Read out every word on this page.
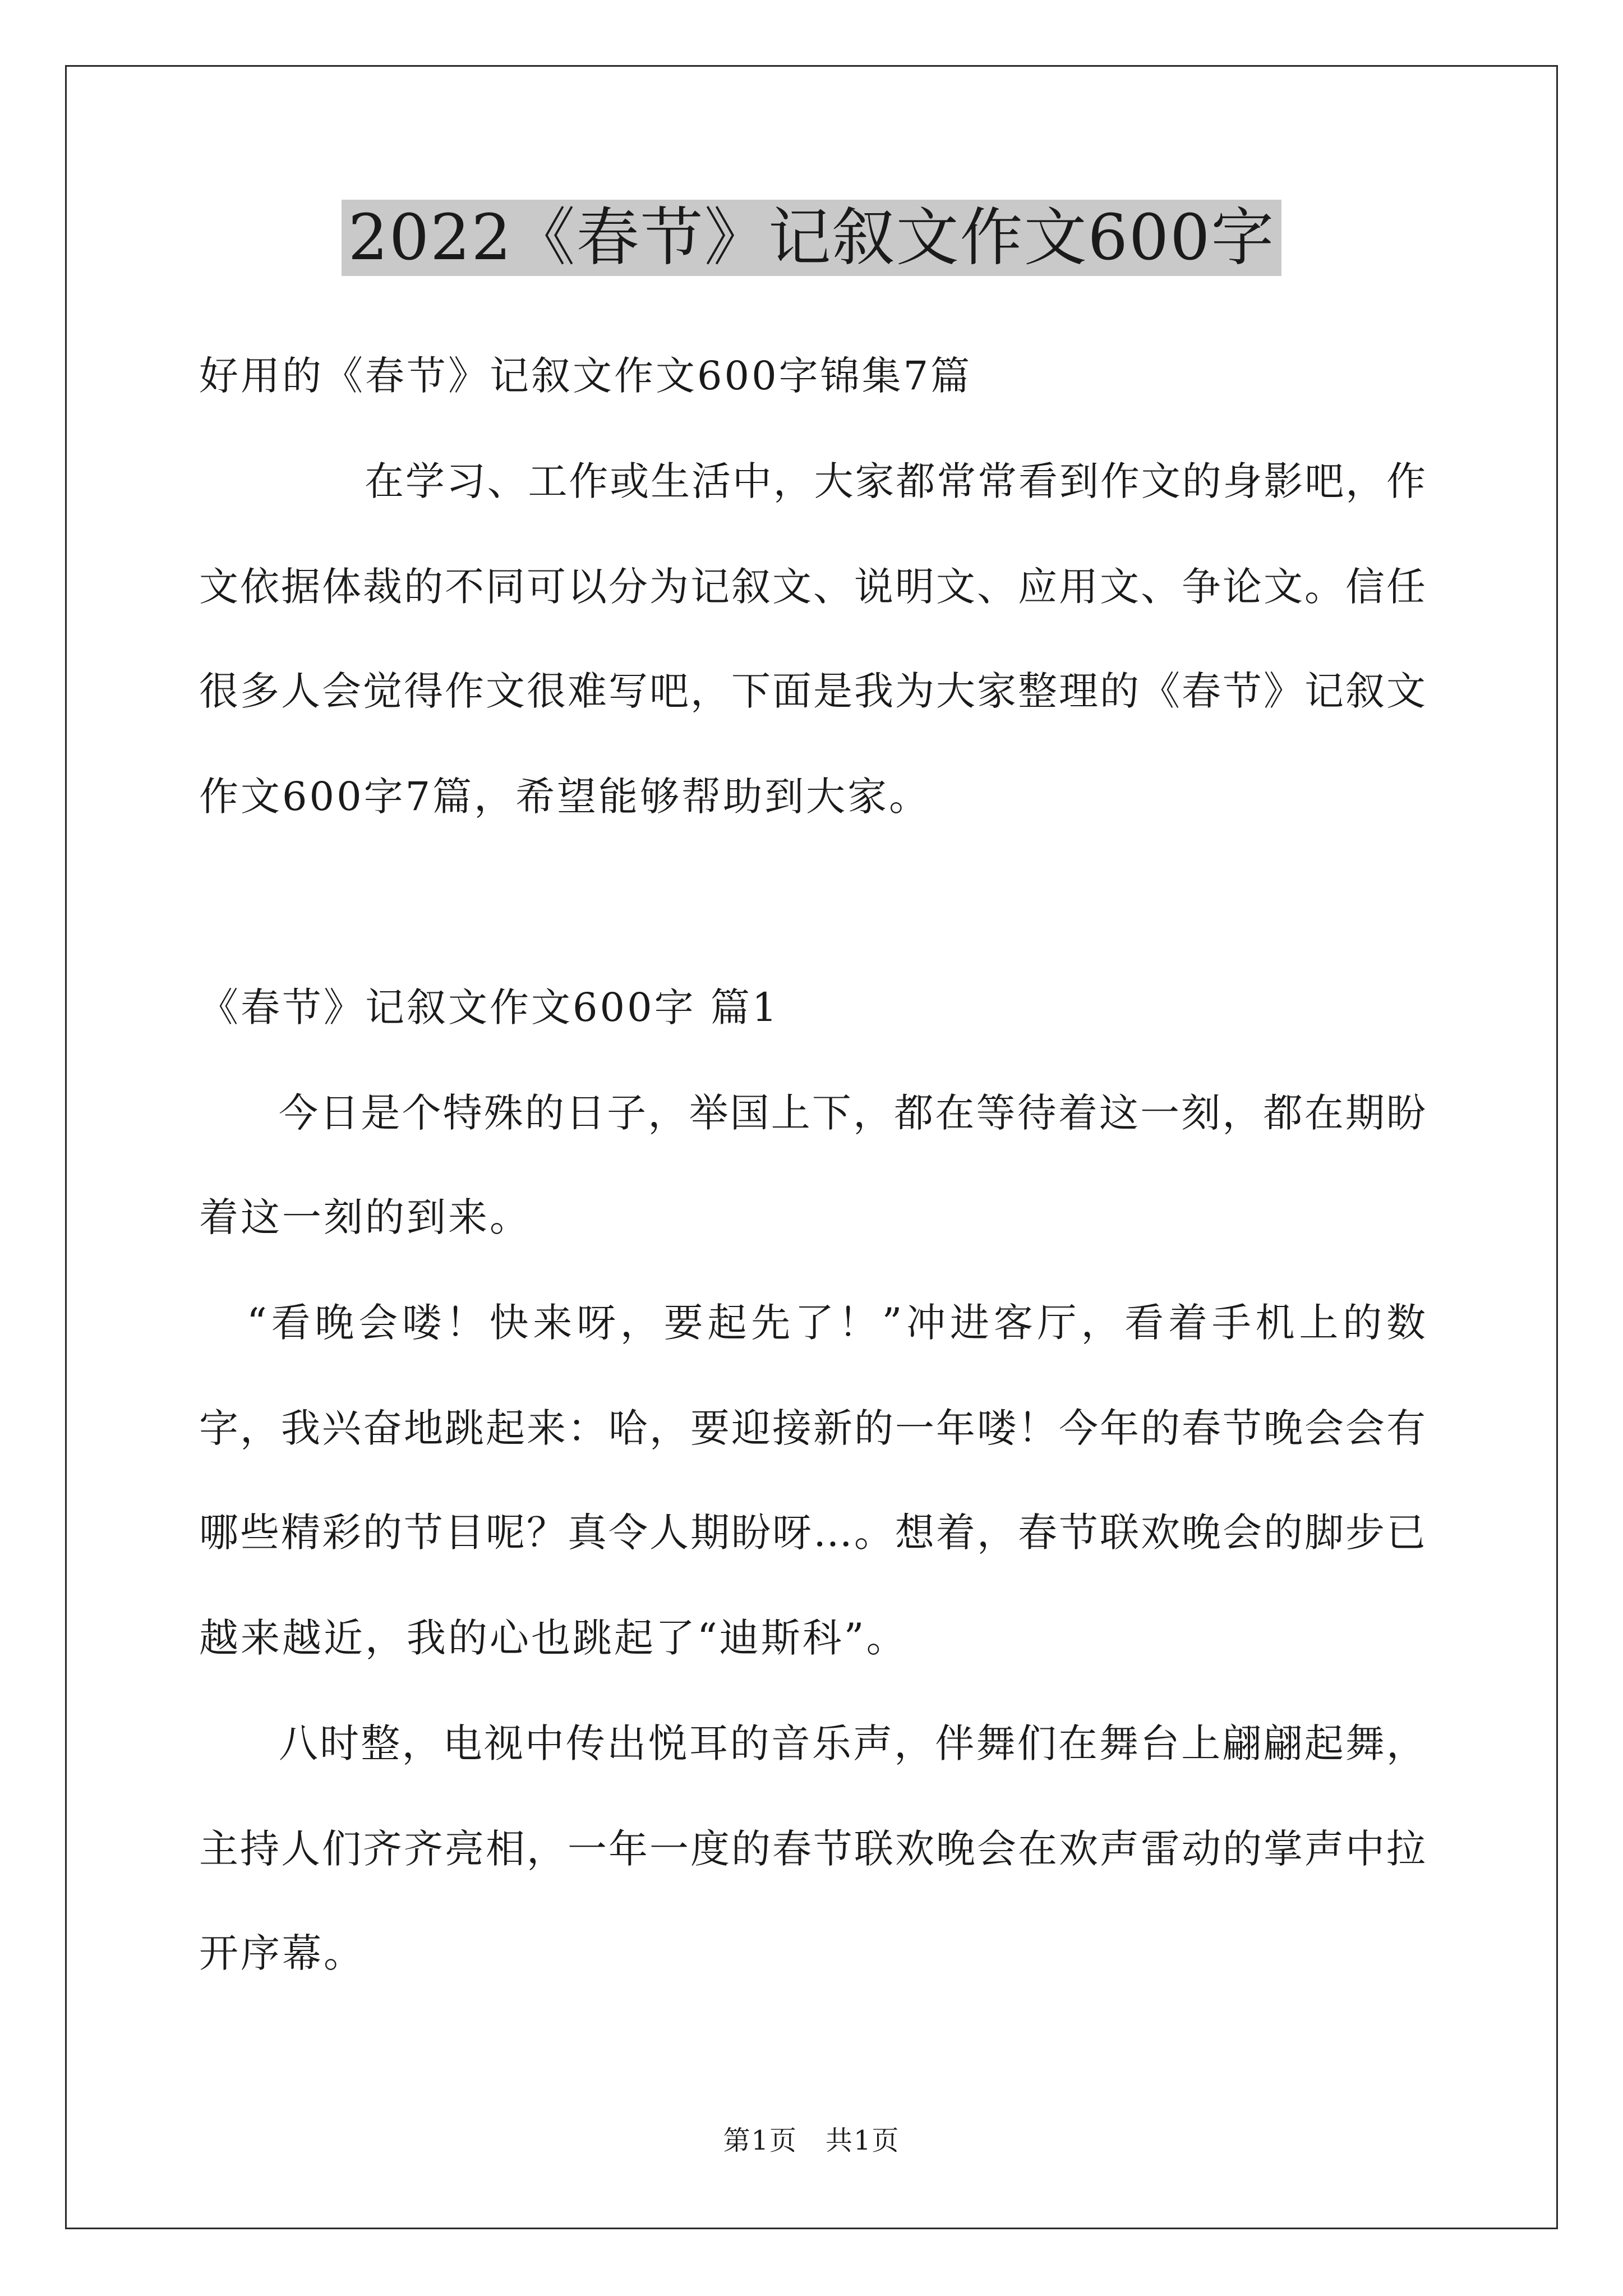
2022《春节》记叙文作文600字
好用的《春节》记叙文作文600字锦集7篇
在学习、工作或生活中，大家都常常看到作文的身影吧，作
文依据体裁的不同可以分为记叙文、说明文、应用文、争论文。信任
很多人会觉得作文很难写吧，下面是我为大家整理的《春节》记叙文
作文600字7篇，希望能够帮助到大家。
《春节》记叙文作文600字 篇1
今日是个特殊的日子，举国上下，都在等待着这一刻，都在期盼
着这一刻的到来。
“看晚会喽！快来呀，要起先了！”冲进客厅，看着手机上的数
字，我兴奋地跳起来：哈，要迎接新的一年喽！今年的春节晚会会有
哪些精彩的节目呢？真令人期盼呀…。想着，春节联欢晚会的脚步已
越来越近，我的心也跳起了“迪斯科”。
八时整，电视中传出悦耳的音乐声，伴舞们在舞台上翩翩起舞，
主持人们齐齐亮相，一年一度的春节联欢晚会在欢声雷动的掌声中拉
开序幕。
第1页　共1页
